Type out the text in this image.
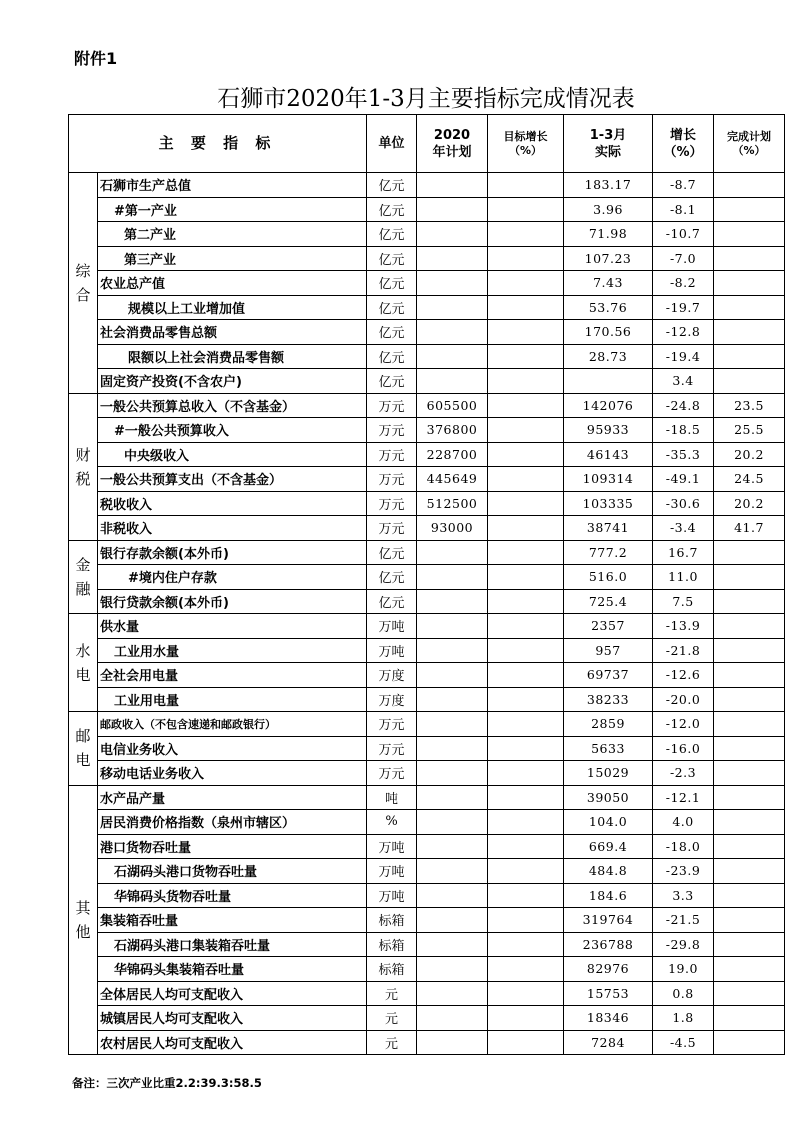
附件1
石狮市2020年1-3月主要指标完成情况表
主 要 指 标		单位	2020年计划	目标增长（%）	1-3月实际	增长（%）	完成计划（%）
综合	石狮市生产总值	亿元			183.17	-8.7	
	#第一产业	亿元			3.96	-8.1	
	第二产业	亿元			71.98	-10.7	
	第三产业	亿元			107.23	-7.0	
	农业总产值	亿元			7.43	-8.2	
	规模以上工业增加值	亿元			53.76	-19.7	
	社会消费品零售总额	亿元			170.56	-12.8	
	限额以上社会消费品零售额	亿元			28.73	-19.4	
	固定资产投资(不含农户)	亿元				3.4	
财税	一般公共预算总收入（不含基金）	万元	605500		142076	-24.8	23.5
	#一般公共预算收入	万元	376800		95933	-18.5	25.5
	中央级收入	万元	228700		46143	-35.3	20.2
	一般公共预算支出（不含基金）	万元	445649		109314	-49.1	24.5
	税收收入	万元	512500		103335	-30.6	20.2
	非税收入	万元	93000		38741	-3.4	41.7
金融	银行存款余额(本外币)	亿元			777.2	16.7	
	#境内住户存款	亿元			516.0	11.0	
	银行贷款余额(本外币)	亿元			725.4	7.5	
水电	供水量	万吨			2357	-13.9	
	工业用水量	万吨			957	-21.8	
	全社会用电量	万度			69737	-12.6	
	工业用电量	万度			38233	-20.0	
邮电	邮政收入（不包含速递和邮政银行）	万元			2859	-12.0	
	电信业务收入	万元			5633	-16.0	
	移动电话业务收入	万元			15029	-2.3	
其他	水产品产量	吨			39050	-12.1	
	居民消费价格指数（泉州市辖区）	%			104.0	4.0	
	港口货物吞吐量	万吨			669.4	-18.0	
	石湖码头港口货物吞吐量	万吨			484.8	-23.9	
	华锦码头货物吞吐量	万吨			184.6	3.3	
	集装箱吞吐量	标箱			319764	-21.5	
	石湖码头港口集装箱吞吐量	标箱			236788	-29.8	
	华锦码头集装箱吞吐量	标箱			82976	19.0	
	全体居民人均可支配收入	元			15753	0.8	
	城镇居民人均可支配收入	元			18346	1.8	
	农村居民人均可支配收入	元			7284	-4.5	
备注：三次产业比重2.2:39.3:58.5
